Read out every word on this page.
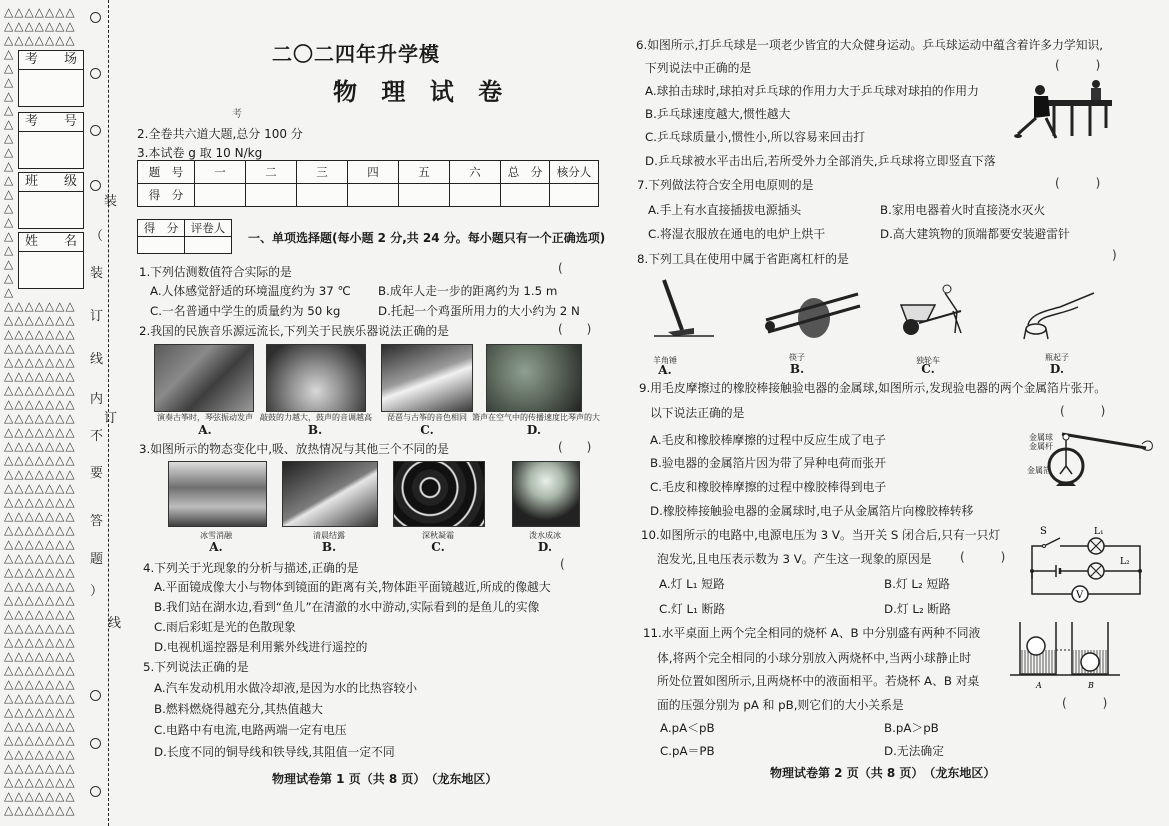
△△△△△△△
△△△△△△△
△△△△△△△
△
△
△
△
△
△
△
△
△
△
△
△
△
△
△
△
△
△
△△△△△△△
△△△△△△△
△△△△△△△
△△△△△△△
△△△△△△△
△△△△△△△
△△△△△△△
△△△△△△△
△△△△△△△
△△△△△△△
△△△△△△△
△△△△△△△
△△△△△△△
△△△△△△△
△△△△△△△
△△△△△△△
△△△△△△△
△△△△△△△
△△△△△△△
△△△△△△△
△△△△△△△
△△△△△△△
△△△△△△△
△△△△△△△
△△△△△△△
△△△△△△△
△△△△△△△
△△△△△△△
△△△△△△△
△△△△△△△
△△△△△△△
△△△△△△△
△△△△△△△
△△△△△△△
△△△△△△△
△△△△△△△
△△△△△△△
考 场
考 号
班 级
姓 名
装
（
装
订
线
内
订
不
要
答
题
）
线
二〇二四年升学模
物 理 试 卷
考
2.全卷共六道大题,总分 100 分
3.本试卷 g 取 10 N/kg
题　号	一	二	三	四	五	六	总　分	核分人
得　分								
得　分	评卷人

一、单项选择题(每小题 2 分,共 24 分。每小题只有一个正确选项)
1.下列估测数值符合实际的是	(
A.人体感觉舒适的环境温度约为 37 ℃ B.成年人走一步的距离约为 1.5 m
C.一名普通中学生的质量约为 50 kg	D.托起一个鸡蛋所用力的大小约为 2 N
2.我国的民族音乐源远流长,下列关于民族乐器说法正确的是	(　　)
演奏古筝时，琴弦振动发声 敲鼓的力越大，鼓声的音调越高	琵琶与古筝的音色相同 箫声在空气中的传播速度比琴声的大
A.	B.	C.	D.
3.如图所示的物态变化中,吸、放热情况与其他三个不同的是	(　　)
冰雪消融	清晨结露	深秋凝霜	泼水成冰
A.	B.	C.	D.
4.下列关于光现象的分析与描述,正确的是	(
A.平面镜成像大小与物体到镜面的距离有关,物体距平面镜越近,所成的像越大
B.我们站在湖水边,看到“鱼儿”在清澈的水中游动,实际看到的是鱼儿的实像
C.雨后彩虹是光的色散现象
D.电视机遥控器是利用紫外线进行遥控的
5.下列说法正确的是
A.汽车发动机用水做冷却液,是因为水的比热容较小
B.燃料燃烧得越充分,其热值越大
C.电路中有电流,电路两端一定有电压
D.长度不同的铜导线和铁导线,其阻值一定不同
物理试卷第 1 页（共 8 页）　（龙东地区）
6.如图所示,打乒乓球是一项老少皆宜的大众健身运动。乒乓球运动中蕴含着许多力学知识,
下列说法中正确的是	(　　　)
A.球拍击球时,球拍对乒乓球的作用力大于乒乓球对球拍的作用力
B.乒乓球速度越大,惯性越大
C.乒乓球质量小,惯性小,所以容易来回击打
D.乒乓球被水平击出后,若所受外力全部消失,乒乓球将立即竖直下落
7.下列做法符合安全用电原则的是	(　　　)
A.手上有水直接插拔电源插头	B.家用电器着火时直接浇水灭火
C.将湿衣服放在通电的电炉上烘干	D.高大建筑物的顶端都要安装避雷针
8.下列工具在使用中属于省距离杠杆的是	)
羊角锤	筷子	独轮车	瓶起子
A.	B.	C.	D.
9.用毛皮摩擦过的橡胶棒接触验电器的金属球,如图所示,发现验电器的两个金属箔片张开。
以下说法正确的是	(　　　)
A.毛皮和橡胶棒摩擦的过程中反应生成了电子
B.验电器的金属箔片因为带了异种电荷而张开
C.毛皮和橡胶棒摩擦的过程中橡胶棒得到电子
D.橡胶棒接触验电器的金属球时,电子从金属箔片向橡胶棒转移
金属球
金属杆
金属箔
10.如图所示的电路中,电源电压为 3 V。当开关 S 闭合后,只有一只灯
泡发光,且电压表示数为 3 V。产生这一现象的原因是 (　　　)
A.灯 L₁ 短路	B.灯 L₂ 短路
C.灯 L₁ 断路	D.灯 L₂ 断路
S	L₁
L₂
V
11.水平桌面上两个完全相同的烧杯 A、B 中分别盛有两种不同液
体,将两个完全相同的小球分别放入两烧杯中,当两小球静止时
所处位置如图所示,且两烧杯中的液面相平。若烧杯 A、B 对桌
面的压强分别为 pA 和 pB,则它们的大小关系是	(　　　)
A.pA＜pB	B.pA＞pB
C.pA＝PB	D.无法确定
A	B
物理试卷第 2 页（共 8 页）　（龙东地区）
